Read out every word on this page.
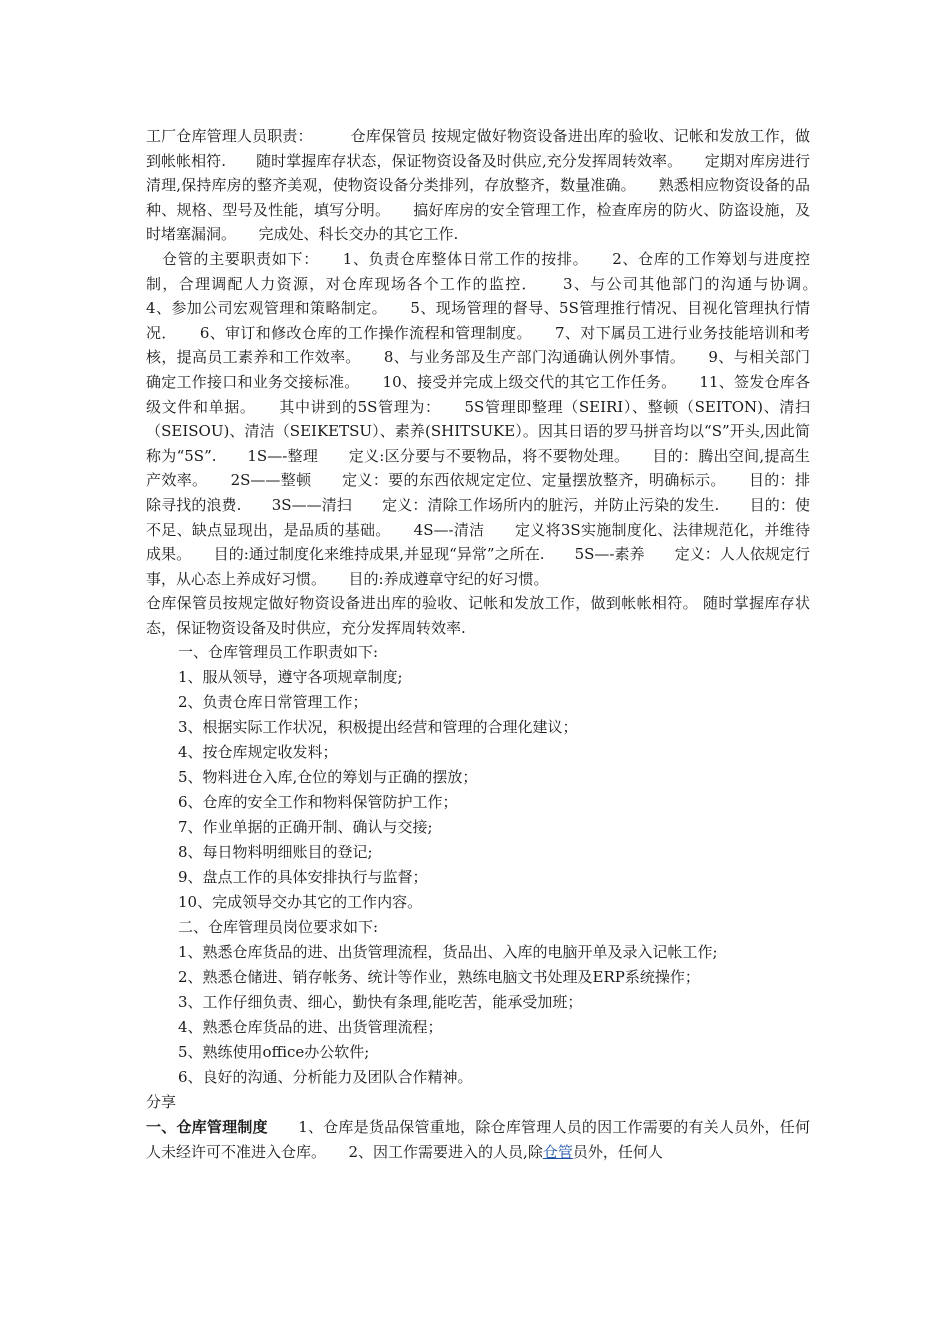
工厂仓库管理人员职责：　　　仓库保管员 按规定做好物资设备进出库的验收、记帐和发放工作，做到帐帐相符.　　随时掌握库存状态，保证物资设备及时供应,充分发挥周转效率。　　定期对库房进行清理,保持库房的整齐美观，使物资设备分类排列，存放整齐，数量准确。　　熟悉相应物资设备的品种、规格、型号及性能，填写分明。　　搞好库房的安全管理工作，检查库房的防火、防盗设施，及时堵塞漏洞。　　完成处、科长交办的其它工作.

仓管的主要职责如下：　　1、负责仓库整体日常工作的按排。　　2、仓库的工作筹划与进度控制，合理调配人力资源，对仓库现场各个工作的监控．　　3、与公司其他部门的沟通与协调。　　4、参加公司宏观管理和策略制定。　　5、现场管理的督导、5S管理推行情况、目视化管理执行情况．　　6、审订和修改仓库的工作操作流程和管理制度。　　7、对下属员工进行业务技能培训和考核，提高员工素养和工作效率。　　8、与业务部及生产部门沟通确认例外事情。　　9、与相关部门确定工作接口和业务交接标准。　　10、接受并完成上级交代的其它工作任务。　　11、签发仓库各级文件和单据。　　其中讲到的5S管理为：　　5S管理即整理（SEIRI）、整顿（SEITON)、清扫（SEISOU)、清洁（SEIKETSU）、素养(SHITSUKE）。因其日语的罗马拼音均以“S”开头,因此简称为“5S”.　　1S—-整理　　定义:区分要与不要物品，将不要物处理。　　目的：腾出空间,提高生产效率。　　2S——整顿　　定义：要的东西依规定定位、定量摆放整齐，明确标示。　　目的：排除寻找的浪费.　　3S——清扫　　定义：清除工作场所内的脏污，并防止污染的发生.　　目的：使不足、缺点显现出，是品质的基础。　　4S—-清洁　　定义将3S实施制度化、法律规范化，并维待成果。　　目的:通过制度化来维持成果,并显现“异常”之所在.　　5S—-素养　　定义：人人依规定行事，从心态上养成好习惯。　　目的:养成遵章守纪的好习惯。

仓库保管员按规定做好物资设备进出库的验收、记帐和发放工作，做到帐帐相符。 随时掌握库存状态，保证物资设备及时供应，充分发挥周转效率.

一、仓库管理员工作职责如下:
1、服从领导，遵守各项规章制度;
2、负责仓库日常管理工作；
3、根据实际工作状况，积极提出经营和管理的合理化建议；
4、按仓库规定收发料；
5、物料进仓入库,仓位的筹划与正确的摆放；
6、仓库的安全工作和物料保管防护工作；
7、作业单据的正确开制、确认与交接;
8、每日物料明细账目的登记;
9、盘点工作的具体安排执行与监督；
10、完成领导交办其它的工作内容。
二、仓库管理员岗位要求如下:
1、熟悉仓库货品的进、出货管理流程，货品出、入库的电脑开单及录入记帐工作;
2、熟悉仓储进、销存帐务、统计等作业，熟练电脑文书处理及ERP系统操作；
3、工作仔细负责、细心，勤快有条理,能吃苦，能承受加班；
4、熟悉仓库货品的进、出货管理流程；
5、熟练使用office办公软件;
6、良好的沟通、分析能力及团队合作精神。

分享

一、仓库管理制度　　1、仓库是货品保管重地，除仓库管理人员的因工作需要的有关人员外，任何人未经许可不准进入仓库。　　2、因工作需要进入的人员,除仓管员外，任何人
